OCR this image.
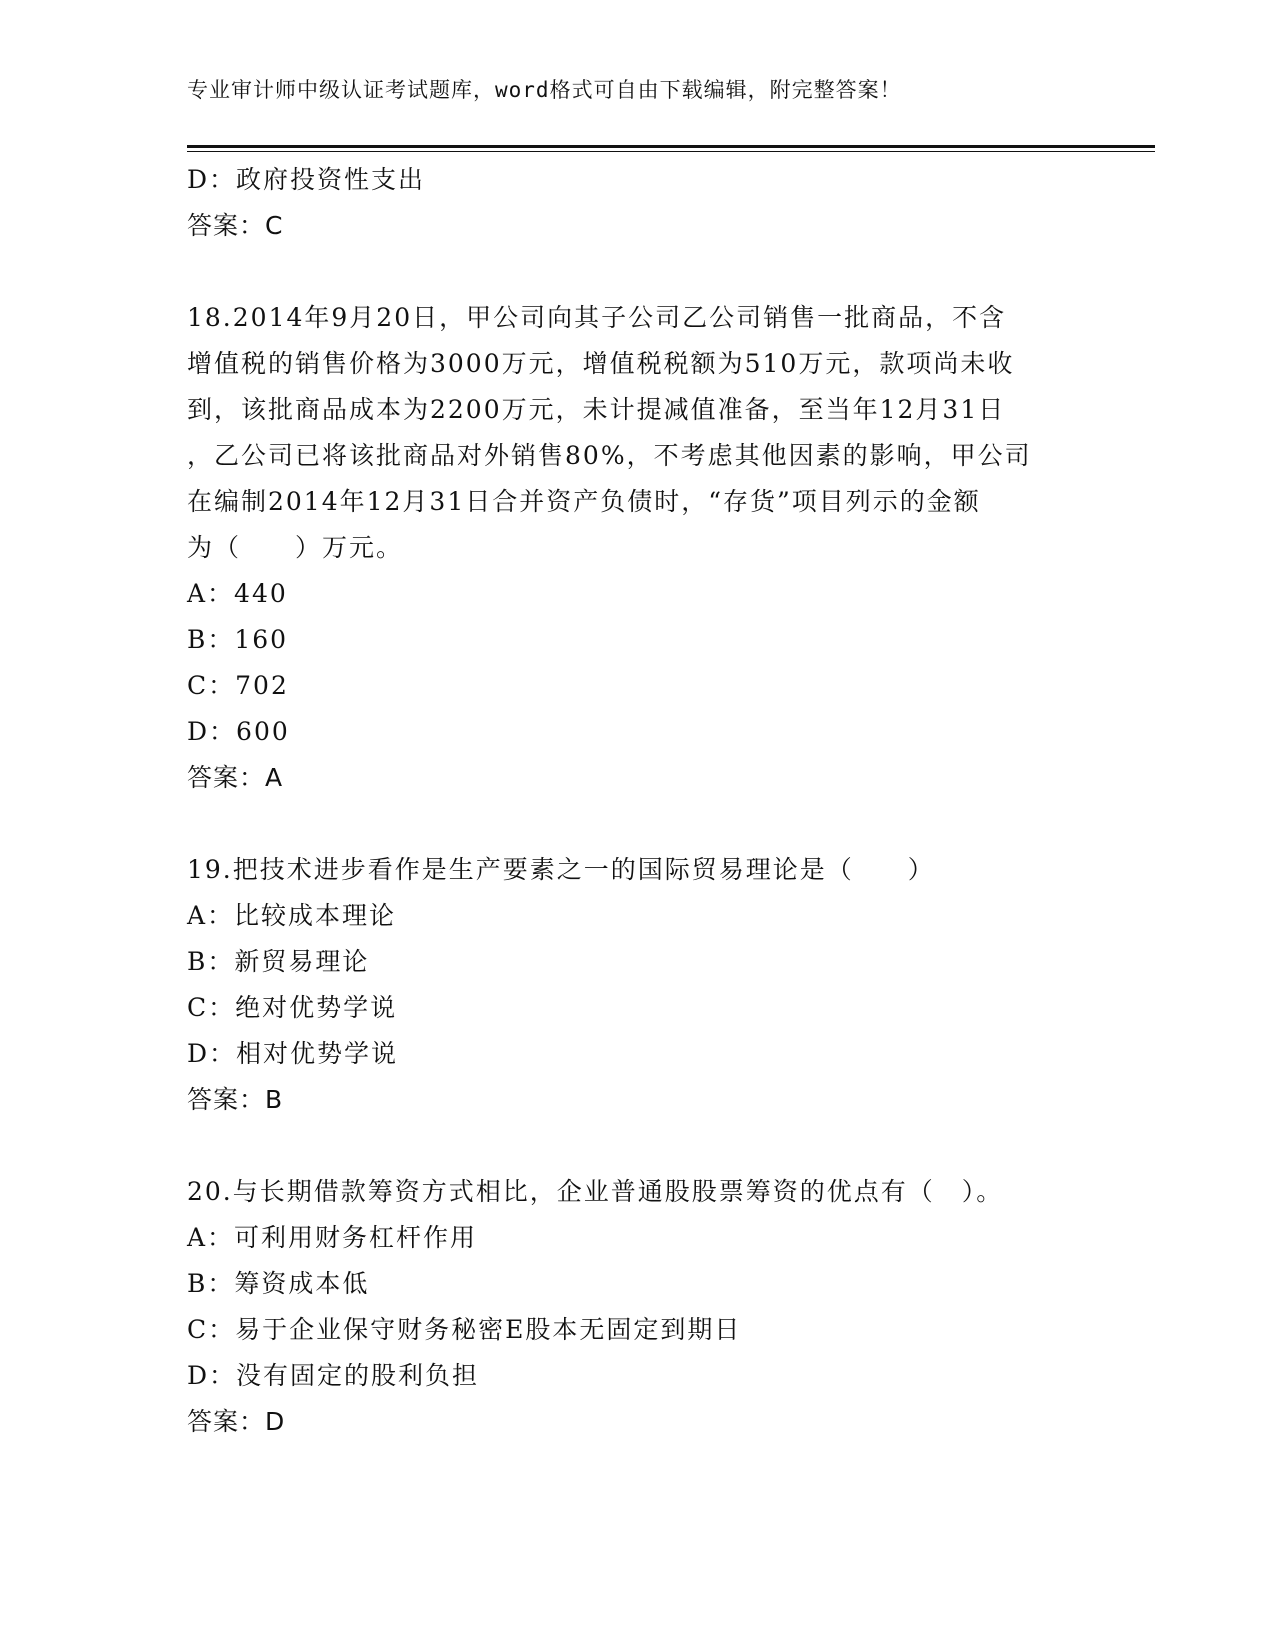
专业审计师中级认证考试题库，word格式可自由下载编辑，附完整答案！
D：政府投资性支出
答案：C
18.2014年9月20日，甲公司向其子公司乙公司销售一批商品，不含
增值税的销售价格为3000万元，增值税税额为510万元，款项尚未收
到，该批商品成本为2200万元，未计提减值准备，至当年12月31日
，乙公司已将该批商品对外销售80%，不考虑其他因素的影响，甲公司
在编制2014年12月31日合并资产负债时，“存货”项目列示的金额
为（　　）万元。
A：440
B：160
C：702
D：600
答案：A
19.把技术进步看作是生产要素之一的国际贸易理论是（　　）
A：比较成本理论
B：新贸易理论
C：绝对优势学说
D：相对优势学说
答案：B
20.与长期借款筹资方式相比，企业普通股股票筹资的优点有（　）。
A：可利用财务杠杆作用
B：筹资成本低
C：易于企业保守财务秘密E股本无固定到期日
D：没有固定的股利负担
答案：D
